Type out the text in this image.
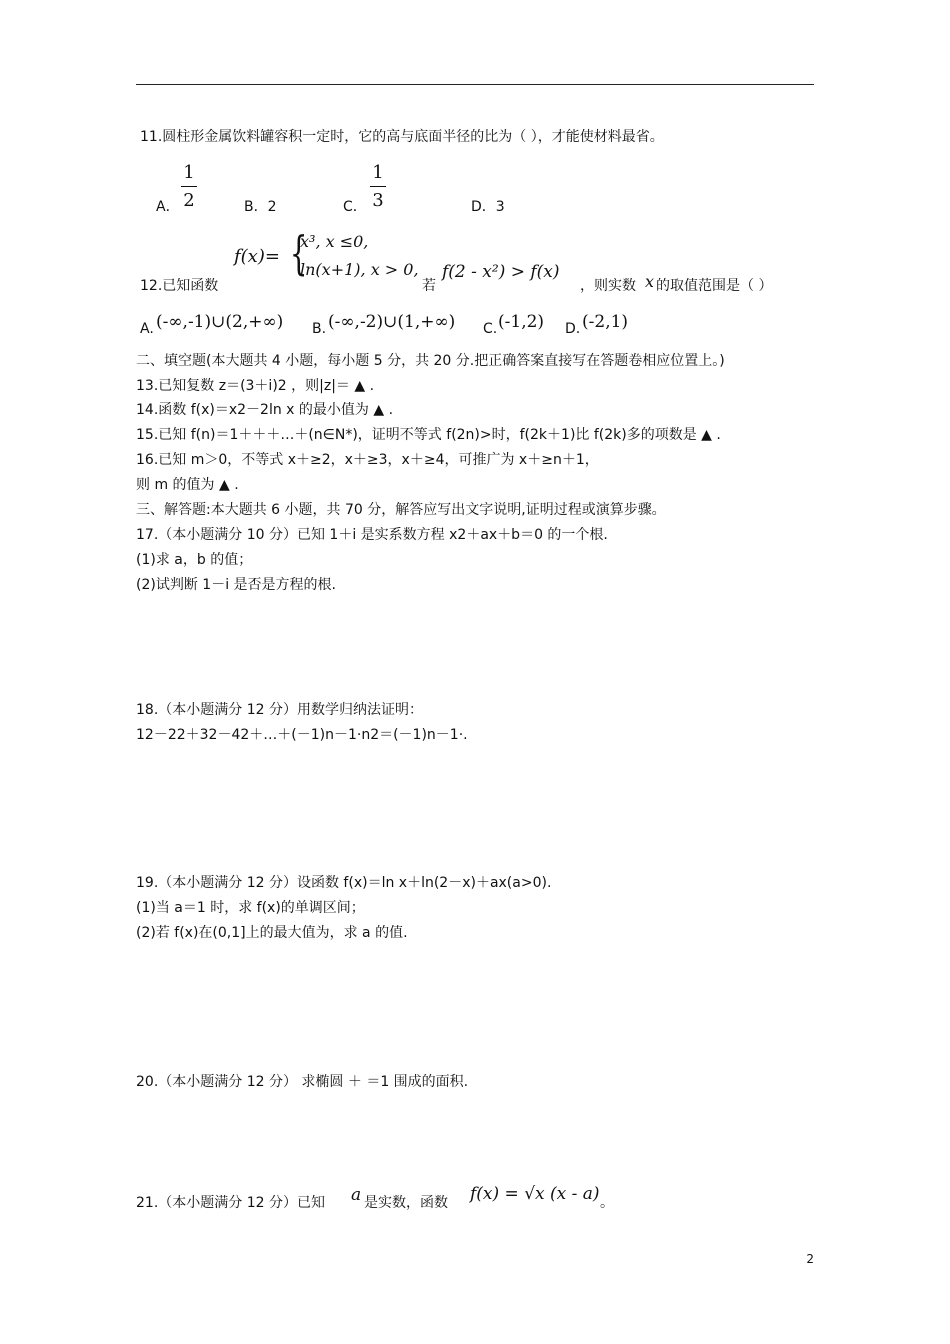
11.圆柱形金属饮料罐容积一定时，它的高与底面半径的比为（ ），才能使材料最省。
A．
1
2	B．2	C．
1
3	D．3
12.已知函数
f(x)= {
x³, x ≤0,
ln(x+1), x > 0,
若
f(2 - x²) > f(x)
，则实数 x 的取值范围是（ ）
A. (-∞,-1)∪(2,+∞) B. (-∞,-2)∪(1,+∞) C. (-1,2) D. (-2,1)
二、填空题(本大题共 4 小题，每小题 5 分，共 20 分.把正确答案直接写在答题卷相应位置上。)
13.已知复数 z＝(3＋i)2 ，则|z|＝ ▲ .
14.函数 f(x)＝x2－2ln x 的最小值为 ▲ .
15.已知 f(n)＝1＋＋＋…＋(n∈N*)，证明不等式 f(2n)>时，f(2k＋1)比 f(2k)多的项数是 ▲ .
16.已知 m＞0，不等式 x＋≥2，x＋≥3，x＋≥4，可推广为 x＋≥n＋1，
则 m 的值为 ▲ .
三、解答题:本大题共 6 小题，共 70 分，解答应写出文字说明,证明过程或演算步骤。
17.（本小题满分 10 分）已知 1＋i 是实系数方程 x2＋ax＋b＝0 的一个根.
(1)求 a，b 的值；
(2)试判断 1－i 是否是方程的根.
18.（本小题满分 12 分）用数学归纳法证明：
12－22＋32－42＋…＋(－1)n－1·n2＝(－1)n－1·.
19.（本小题满分 12 分）设函数 f(x)＝ln x＋ln(2－x)＋ax(a>0).
(1)当 a＝1 时，求 f(x)的单调区间；
(2)若 f(x)在(0,1]上的最大值为，求 a 的值.
20.（本小题满分 12 分） 求椭圆 ＋ ＝1 围成的面积.
21.（本小题满分 12 分）已知 a 是实数，函数 f(x) = √x (x - a) 。
2
